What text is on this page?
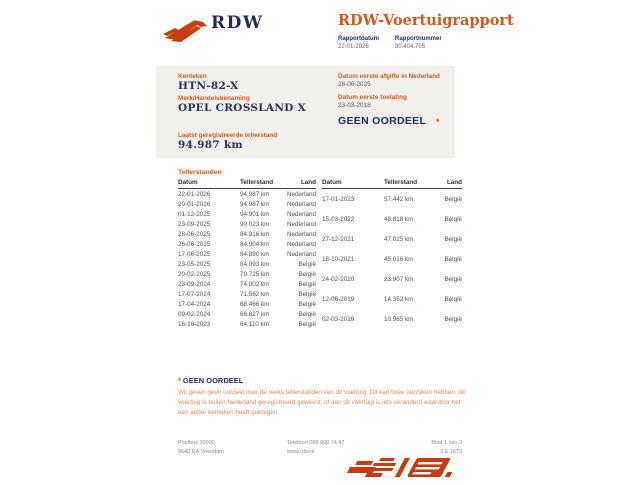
RDW	RDW-Voertuigrapport
Rapportdatum
22-01-2026
Rapportnummer
30.404.705
Kenteken
HTN-82-X
Merk/Handelsbenaming
OPEL CROSSLAND X
Laatst geregistreerde tellerstand
94.987 km
Datum eerste afgifte in Nederland
28-06-2025
Datum eerste toelating
23-03-2018
GEEN OORDEEL *
Tellerstanden
Datum	Tellerstand	Land
22-01-2026	94.987 km	Nederland
20-01-2026	94.987 km	Nederland
01-12-2025	94.901 km	Nederland
23-09-2025	90.023 km	Nederland
28-06-2025	84.916 km	Nederland
26-06-2025	84.904 km	Nederland
17-06-2025	84.890 km	Nederland
23-05-2025	84.093 km	België
20-02-2025	79.725 km	België
23-09-2024	74.002 km	België
17-07-2024	71.562 km	België
17-04-2024	68.466 km	België
09-02-2024	66.827 km	België
16-10-2023	64.110 km	België
Datum	Tellerstand	Land
17-01-2023	57.442 km	België
15-03-2022	48.818 km	België
27-12-2021	47.025 km	België
18-10-2021	45.016 km	België
24-02-2020	23.907 km	België
12-06-2019	14.352 km	België
02-03-2019	10.965 km	België
* GEEN OORDEEL
Wij geven geen oordeel over de reeks tellerstanden van dit voertuig. Dit kan twee oorzaken hebben: dit voertuig is buiten Nederland geregistreerd geweest, of aan dit voertuig is iets veranderd waardoor het een ander kenteken heeft gekregen.
Postbus 30000
9640 RA Veendam
Telefoon 088 008 74 47
www.rdw.nl
Blad 1 van 3
3 E 1679
